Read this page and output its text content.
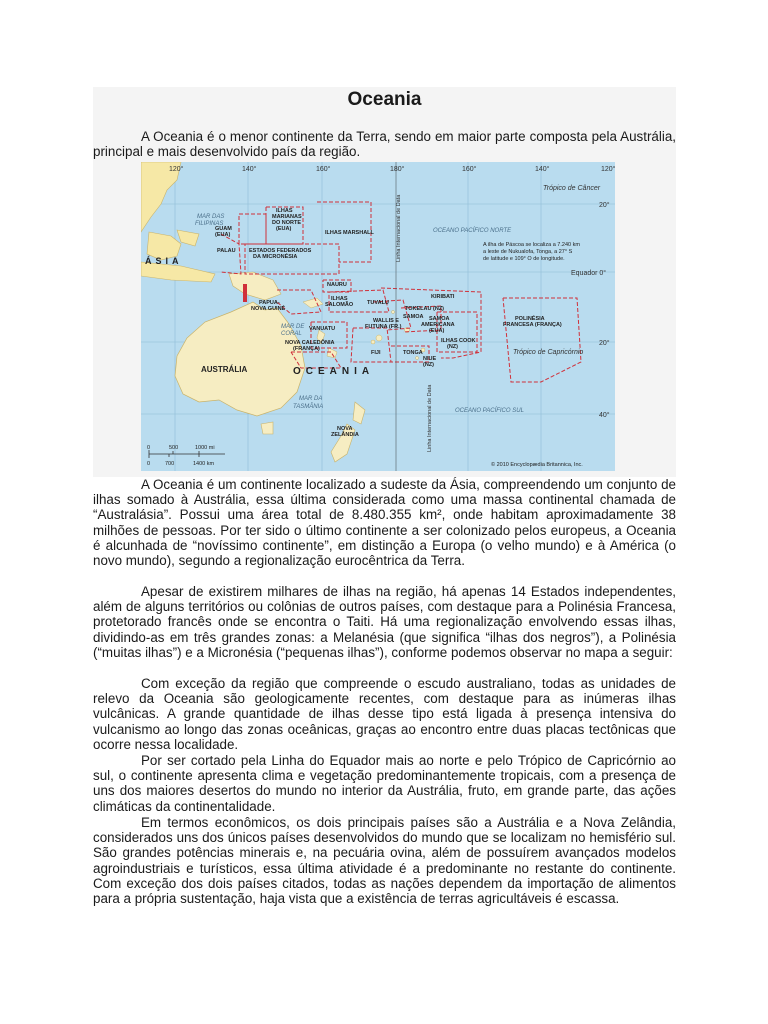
Oceania

A Oceania é o menor continente da Terra, sendo em maior parte composta pela Austrália, principal e mais desenvolvido país da região.

120°	140°	160°	180°	160°	140°	120°
20°
Equador 0°
20°
40°
Trópico de Câncer
Trópico de Capricórnio
Linha Internacional de Data
Linha Internacional de Data
ÁSIA
OCEANIA
AUSTRÁLIA
MAR DAS
FILIPINAS
MAR DE
CORAL
MAR DA
TASMÂNIA
OCEANO PACÍFICO NORTE
OCEANO PACÍFICO SUL
ILHAS
MARIANAS
DO NORTE
(EUA)
GUAM
(EUA)	ILHAS MARSHALL
PALAU ESTADOS FEDERADOS
DA MICRONÉSIA
NAURU
KIRIBATI
PAPUA-
NOVA GUINÉ
ILHAS
SALOMÃO	TUVALU
TOKELAU (NZ)
SAMOA SAMOA
AMERICANA
(EUA)
WALLIS E
FUTUNA (FR.)
VANUATU
POLINÉSIA
FRANCESA (FRANÇA)
NOVA CALEDÔNIA
(FRANÇA)
FIJI	TONGA
ILHAS COOK
(NZ)
NIUE
(NZ)
NOVA
ZELÂNDIA
A ilha de Páscoa se localiza a 7.240 km
a leste de Nukualofa, Tonga, a 27° S
de latitude e 109° O de longitude.
0	500	1000 mi
0	700	1400 km	© 2010 Encyclopædia Britannica, Inc.

A Oceania é um continente localizado a sudeste da Ásia, compreendendo um conjunto de ilhas somado à Austrália, essa última considerada como uma massa continental chamada de “Australásia”. Possui uma área total de 8.480.355 km², onde habitam aproximadamente 38 milhões de pessoas. Por ter sido o último continente a ser colonizado pelos europeus, a Oceania é alcunhada de “novíssimo continente”, em distinção a Europa (o velho mundo) e à América (o novo mundo), segundo a regionalização eurocêntrica da Terra.

Apesar de existirem milhares de ilhas na região, há apenas 14 Estados independentes, além de alguns territórios ou colônias de outros países, com destaque para a Polinésia Francesa, protetorado francês onde se encontra o Taiti. Há uma regionalização envolvendo essas ilhas, dividindo-as em três grandes zonas: a Melanésia (que significa “ilhas dos negros”), a Polinésia (“muitas ilhas”) e a Micronésia (“pequenas ilhas”), conforme podemos observar no mapa a seguir:

Com exceção da região que compreende o escudo australiano, todas as unidades de relevo da Oceania são geologicamente recentes, com destaque para as inúmeras ilhas vulcânicas. A grande quantidade de ilhas desse tipo está ligada à presença intensiva do vulcanismo ao longo das zonas oceânicas, graças ao encontro entre duas placas tectônicas que ocorre nessa localidade.

Por ser cortado pela Linha do Equador mais ao norte e pelo Trópico de Capricórnio ao sul, o continente apresenta clima e vegetação predominantemente tropicais, com a presença de uns dos maiores desertos do mundo no interior da Austrália, fruto, em grande parte, das ações climáticas da continentalidade.

Em termos econômicos, os dois principais países são a Austrália e a Nova Zelândia, considerados uns dos únicos países desenvolvidos do mundo que se localizam no hemisfério sul. São grandes potências minerais e, na pecuária ovina, além de possuírem avançados modelos agroindustriais e turísticos, essa última atividade é a predominante no restante do continente. Com exceção dos dois países citados, todas as nações dependem da importação de alimentos para a própria sustentação, haja vista que a existência de terras agricultáveis é escassa.
